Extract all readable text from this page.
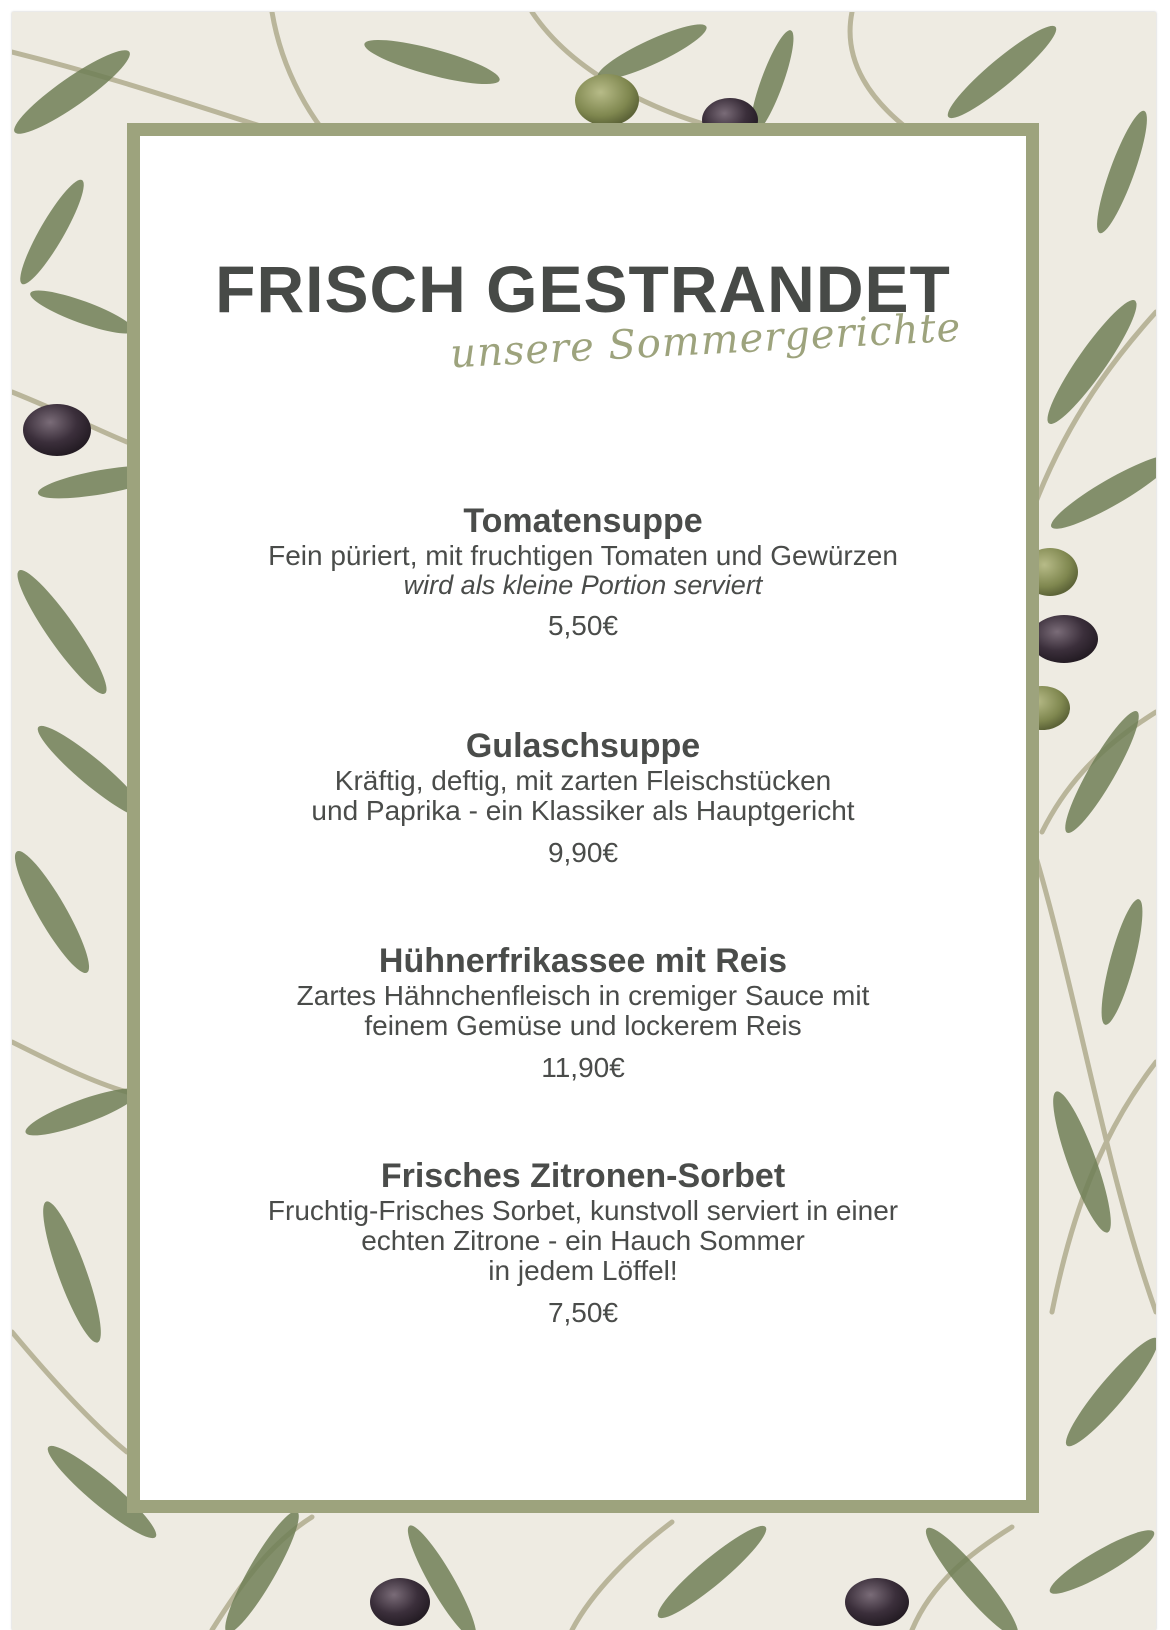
FRISCH GESTRANDET
unsere Sommergerichte
Tomatensuppe
Fein püriert, mit fruchtigen Tomaten und Gewürzen
wird als kleine Portion serviert
5,50€
Gulaschsuppe
Kräftig, deftig, mit zarten Fleischstücken
und Paprika - ein Klassiker als Hauptgericht
9,90€
Hühnerfrikassee mit Reis
Zartes Hähnchenfleisch in cremiger Sauce mit
feinem Gemüse und lockerem Reis
11,90€
Frisches Zitronen-Sorbet
Fruchtig-Frisches Sorbet, kunstvoll serviert in einer
echten Zitrone - ein Hauch Sommer
in jedem Löffel!
7,50€
